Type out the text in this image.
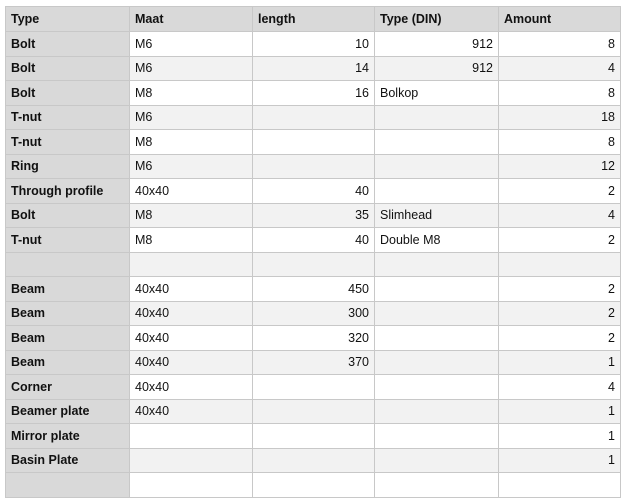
Type	Maat	length	Type (DIN)	Amount
Bolt	M6	10	912	8
Bolt	M6	14	912	4
Bolt	M8	16	Bolkop	8
T-nut	M6			18
T-nut	M8			8
Ring	M6			12
Through profile	40x40	40		2
Bolt	M8	35	Slimhead	4
T-nut	M8	40	Double M8	2

Beam	40x40	450		2
Beam	40x40	300		2
Beam	40x40	320		2
Beam	40x40	370		1
Corner	40x40			4
Beamer plate	40x40			1
Mirror plate				1
Basin Plate				1
